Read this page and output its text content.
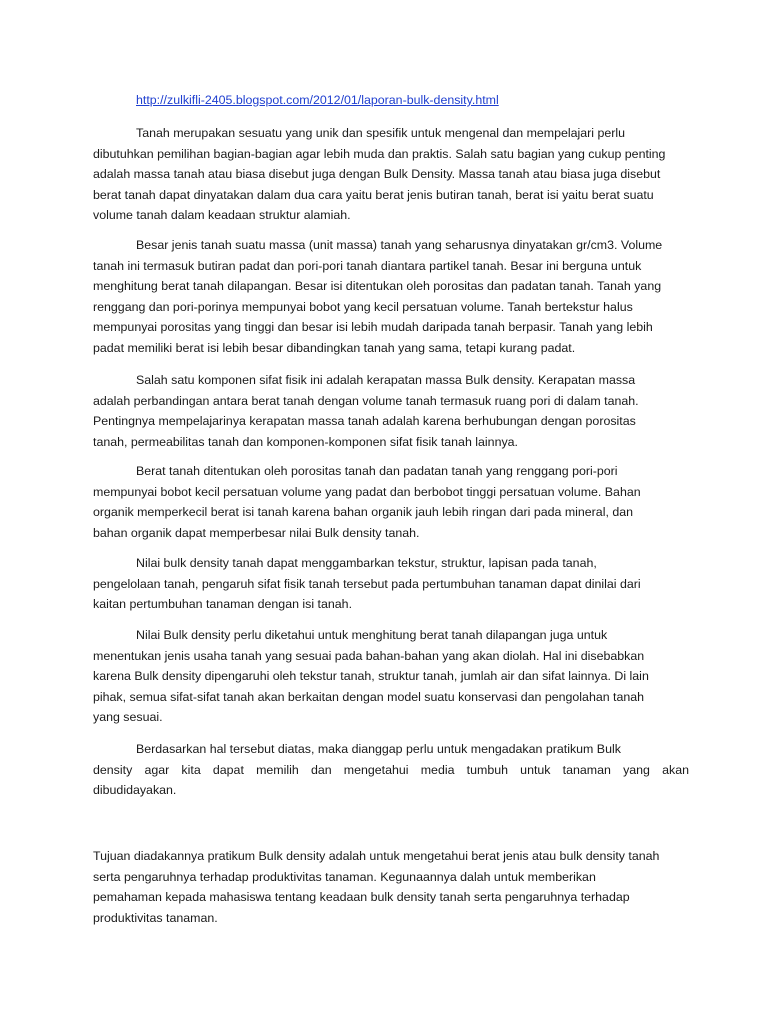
http://zulkifli-2405.blogspot.com/2012/01/laporan-bulk-density.html

Tanah merupakan sesuatu yang unik dan spesifik untuk mengenal dan mempelajari perlu
dibutuhkan pemilihan bagian-bagian agar lebih muda dan praktis. Salah satu bagian yang cukup penting
adalah massa tanah atau biasa disebut juga dengan Bulk Density. Massa tanah atau biasa juga disebut
berat tanah dapat dinyatakan dalam dua cara yaitu berat jenis butiran tanah, berat isi yaitu berat suatu
volume tanah dalam keadaan struktur alamiah.

Besar jenis tanah suatu massa (unit massa) tanah yang seharusnya dinyatakan gr/cm3. Volume
tanah ini termasuk butiran padat dan pori-pori tanah diantara partikel tanah. Besar ini berguna untuk
menghitung berat tanah dilapangan. Besar isi ditentukan oleh porositas dan padatan tanah. Tanah yang
renggang dan pori-porinya mempunyai bobot yang kecil persatuan volume. Tanah bertekstur halus
mempunyai porositas yang tinggi dan besar isi lebih mudah daripada tanah berpasir. Tanah yang lebih
padat memiliki berat isi lebih besar dibandingkan tanah yang sama, tetapi kurang padat.

Salah satu komponen sifat fisik ini adalah kerapatan massa Bulk density. Kerapatan massa
adalah perbandingan antara berat tanah dengan volume tanah termasuk ruang pori di dalam tanah.
Pentingnya mempelajarinya kerapatan massa tanah adalah karena berhubungan dengan porositas
tanah, permeabilitas tanah dan komponen-komponen sifat fisik tanah lainnya.

Berat tanah ditentukan oleh porositas tanah dan padatan tanah yang renggang pori-pori
mempunyai bobot kecil persatuan volume yang padat dan berbobot tinggi persatuan volume. Bahan
organik memperkecil berat isi tanah karena bahan organik jauh lebih ringan dari pada mineral, dan
bahan organik dapat memperbesar nilai Bulk density tanah.

Nilai bulk density tanah dapat menggambarkan tekstur, struktur, lapisan pada tanah,
pengelolaan tanah, pengaruh sifat fisik tanah tersebut pada pertumbuhan tanaman dapat dinilai dari
kaitan pertumbuhan tanaman dengan isi tanah.

Nilai Bulk density perlu diketahui untuk menghitung berat tanah dilapangan juga untuk
menentukan jenis usaha tanah yang sesuai pada bahan-bahan yang akan diolah. Hal ini disebabkan
karena Bulk density dipengaruhi oleh tekstur tanah, struktur tanah, jumlah air dan sifat lainnya. Di lain
pihak, semua sifat-sifat tanah akan berkaitan dengan model suatu konservasi dan pengolahan tanah
yang sesuai.

Berdasarkan hal tersebut diatas, maka dianggap perlu untuk mengadakan pratikum Bulk
density agar kita dapat memilih dan mengetahui media tumbuh untuk tanaman yang akan
dibudidayakan.

Tujuan diadakannya pratikum Bulk density adalah untuk mengetahui berat jenis atau bulk density tanah
serta pengaruhnya terhadap produktivitas tanaman. Kegunaannya dalah untuk memberikan
pemahaman kepada mahasiswa tentang keadaan bulk density tanah serta pengaruhnya terhadap
produktivitas tanaman.
